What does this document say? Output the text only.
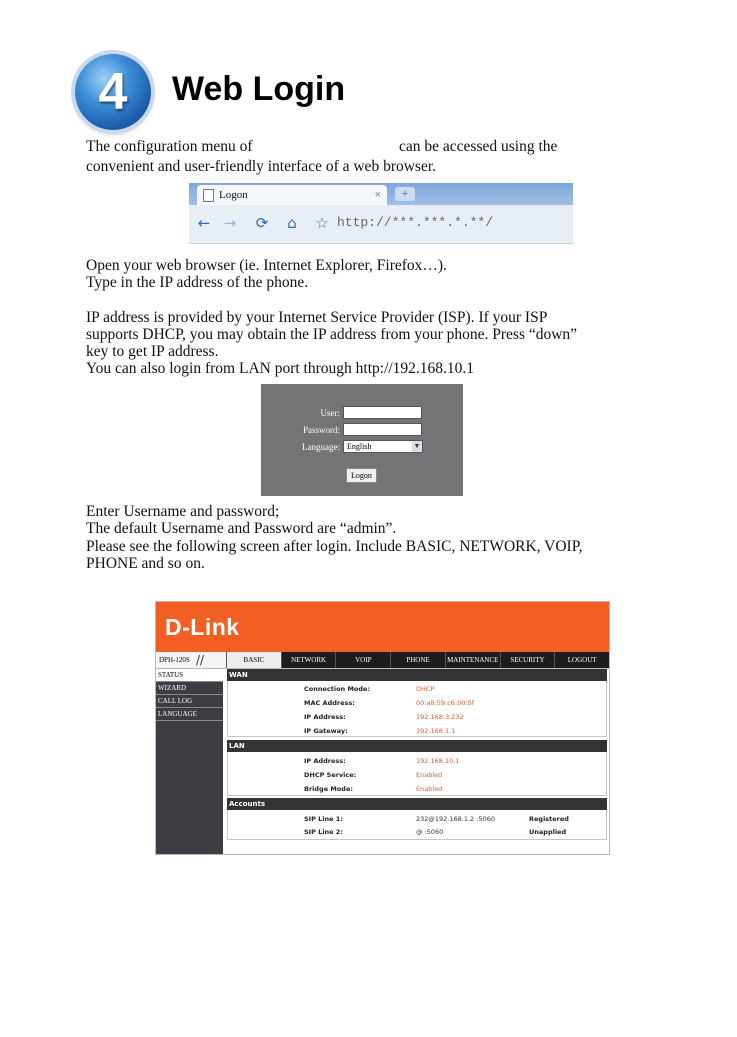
4	Web Login

The configuration menu of	can be accessed using the

convenient and user-friendly interface of a web browser.

Logon	×	+
← →	⟳	⌂	☆ http://***.***.*.**/
Open your web browser (ie. Internet Explorer, Firefox…).
Type in the IP address of the phone.
IP address is provided by your Internet Service Provider (ISP). If your ISP
supports DHCP, you may obtain the IP address from your phone. Press “down”
key to get IP address.
You can also login from LAN port through http://192.168.10.1
User:
Password:
Language: English	▼
Logon
Enter Username and password;
The default Username and Password are “admin”.
Please see the following screen after login. Include BASIC, NETWORK, VOIP,
PHONE and so on.
D-Link
DPH-120S //	BASIC	NETWORK	VOIP	PHONE	MAINTENANCE	SECURITY	LOGOUT
STATUS
WIZARD
CALL LOG
LANGUAGE
WAN
Connection Mode:	DHCP
MAC Address:	00:a8:59:c6:00:5f
IP Address:	192.168.3.232
IP Gateway:	192.168.1.1
LAN
IP Address:	192.168.10.1
DHCP Service:	Enabled
Bridge Mode:	Enabled
Accounts
SIP Line 1:	232@192.168.1.2 :5060	Registered
SIP Line 2:	@ :5060	Unapplied
